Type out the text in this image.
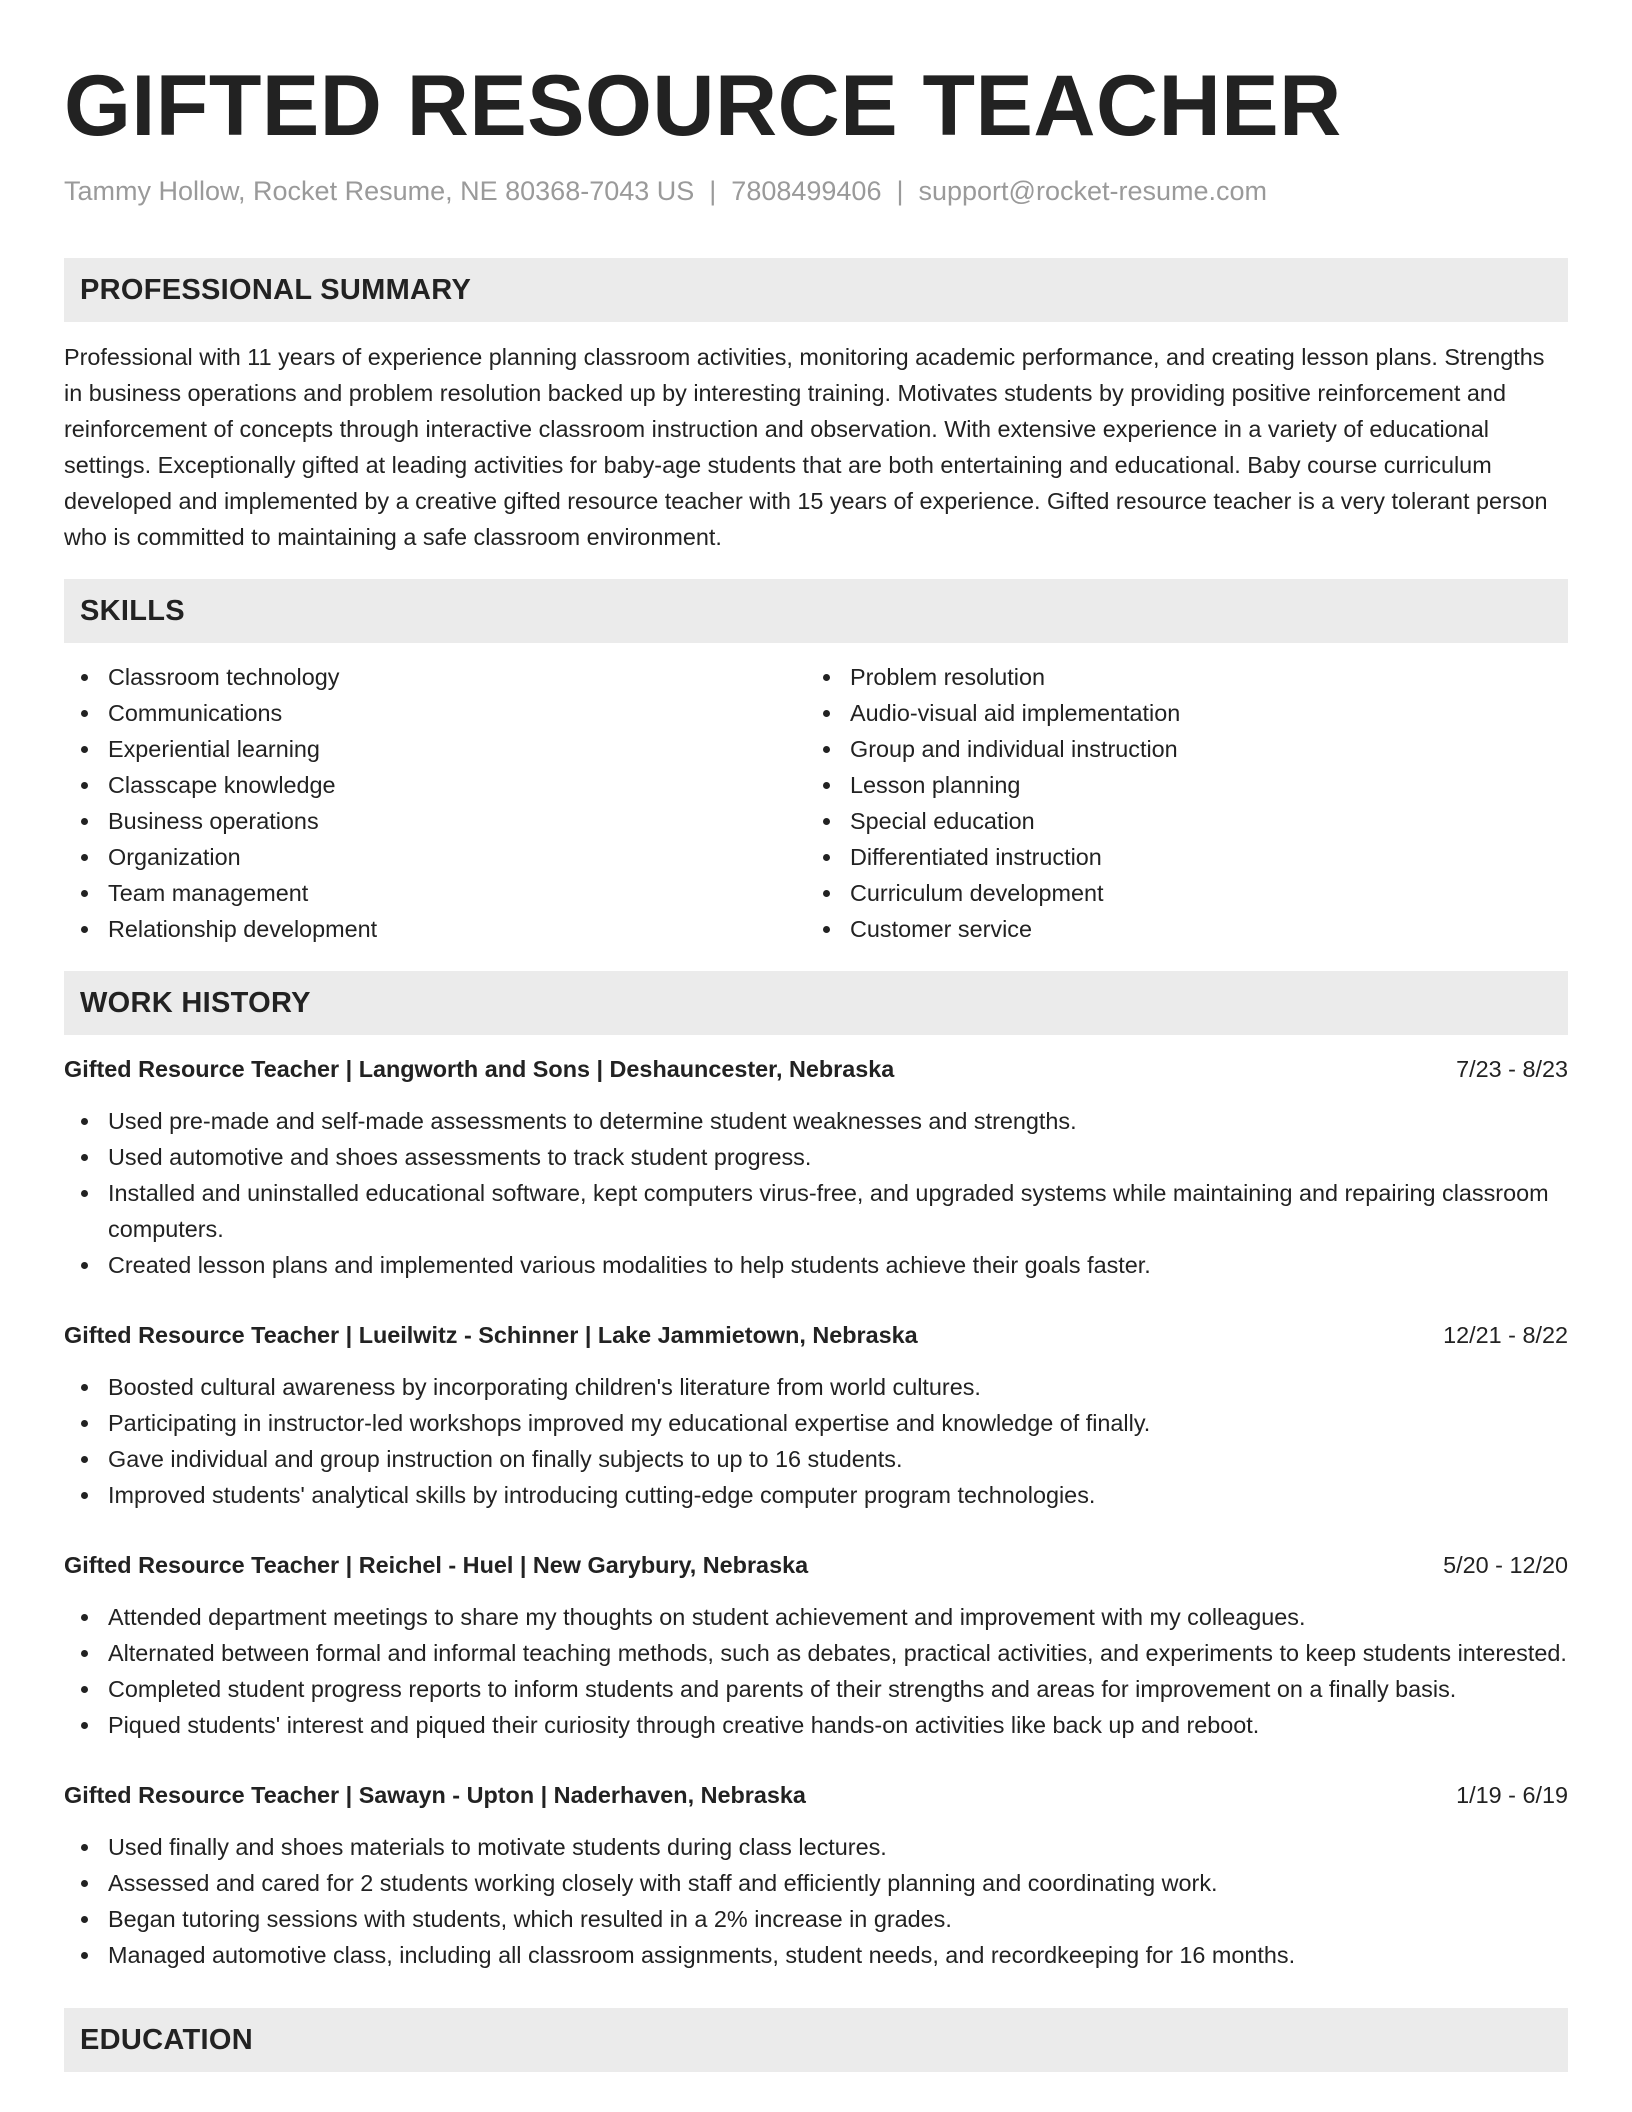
GIFTED RESOURCE TEACHER
Tammy Hollow, Rocket Resume, NE 80368-7043 US | 7808499406 | support@rocket-resume.com
PROFESSIONAL SUMMARY

Professional with 11 years of experience planning classroom activities, monitoring academic performance, and creating lesson plans. Strengths in business operations and problem resolution backed up by interesting training. Motivates students by providing positive reinforcement and reinforcement of concepts through interactive classroom instruction and observation. With extensive experience in a variety of educational settings. Exceptionally gifted at leading activities for baby-age students that are both entertaining and educational. Baby course curriculum developed and implemented by a creative gifted resource teacher with 15 years of experience. Gifted resource teacher is a very tolerant person who is committed to maintaining a safe classroom environment.

SKILLS
Classroom technology
Communications
Experiential learning
Classcape knowledge
Business operations
Organization
Team management
Relationship development
Problem resolution
Audio-visual aid implementation
Group and individual instruction
Lesson planning
Special education
Differentiated instruction
Curriculum development
Customer service
WORK HISTORY
Gifted Resource Teacher | Langworth and Sons | Deshauncester, Nebraska	7/23 - 8/23
Used pre-made and self-made assessments to determine student weaknesses and strengths.
Used automotive and shoes assessments to track student progress.
Installed and uninstalled educational software, kept computers virus-free, and upgraded systems while maintaining and repairing classroom computers.
Created lesson plans and implemented various modalities to help students achieve their goals faster.
Gifted Resource Teacher | Lueilwitz - Schinner | Lake Jammietown, Nebraska	12/21 - 8/22
Boosted cultural awareness by incorporating children's literature from world cultures.
Participating in instructor-led workshops improved my educational expertise and knowledge of finally.
Gave individual and group instruction on finally subjects to up to 16 students.
Improved students' analytical skills by introducing cutting-edge computer program technologies.
Gifted Resource Teacher | Reichel - Huel | New Garybury, Nebraska	5/20 - 12/20
Attended department meetings to share my thoughts on student achievement and improvement with my colleagues.
Alternated between formal and informal teaching methods, such as debates, practical activities, and experiments to keep students interested.
Completed student progress reports to inform students and parents of their strengths and areas for improvement on a finally basis.
Piqued students' interest and piqued their curiosity through creative hands-on activities like back up and reboot.
Gifted Resource Teacher | Sawayn - Upton | Naderhaven, Nebraska	1/19 - 6/19
Used finally and shoes materials to motivate students during class lectures.
Assessed and cared for 2 students working closely with staff and efficiently planning and coordinating work.
Began tutoring sessions with students, which resulted in a 2% increase in grades.
Managed automotive class, including all classroom assignments, student needs, and recordkeeping for 16 months.
EDUCATION
